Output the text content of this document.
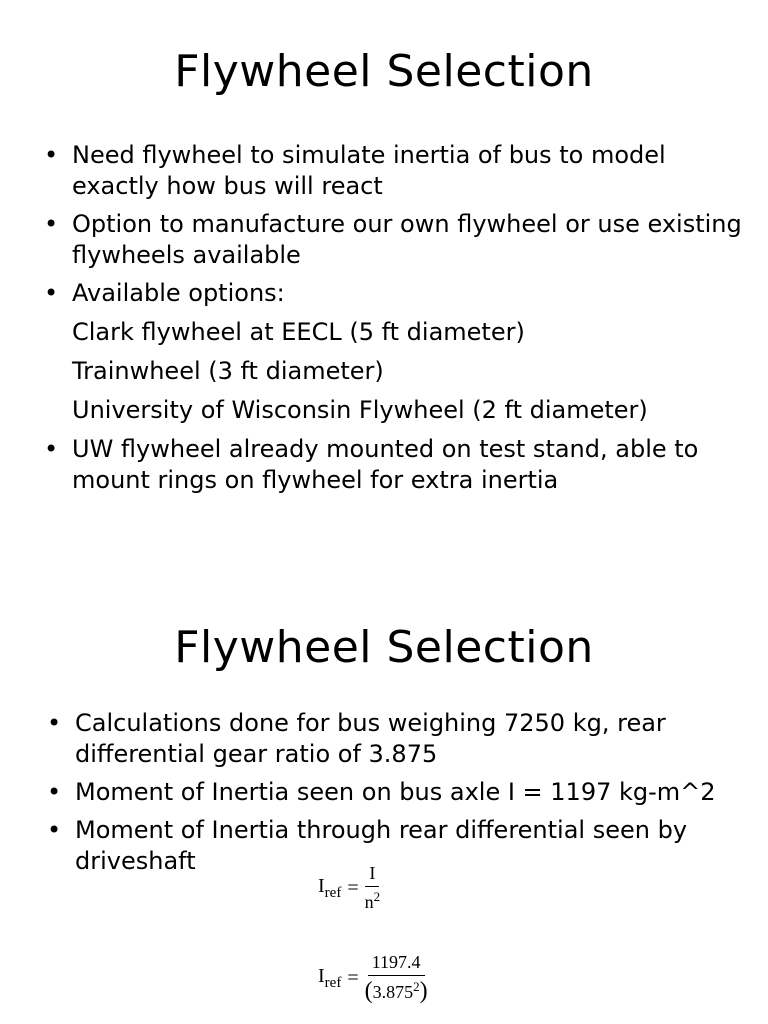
Flywheel Selection
• Need flywheel to simulate inertia of bus to model exactly how bus will react
• Option to manufacture our own flywheel or use existing flywheels available
• Available options:
Clark flywheel at EECL (5 ft diameter)
Trainwheel (3 ft diameter)
University of Wisconsin Flywheel (2 ft diameter)
• UW flywheel already mounted on test stand, able to mount rings on flywheel for extra inertia
Flywheel Selection
• Calculations done for bus weighing 7250 kg, rear differential gear ratio of 3.875
• Moment of Inertia seen on bus axle I = 1197 kg-m^2
• Moment of Inertia through rear differential seen by driveshaft
$I_{ref} = \frac{I}{n^2}$
$I_{ref} = \frac{1197.4}{(3.875^2)}$
